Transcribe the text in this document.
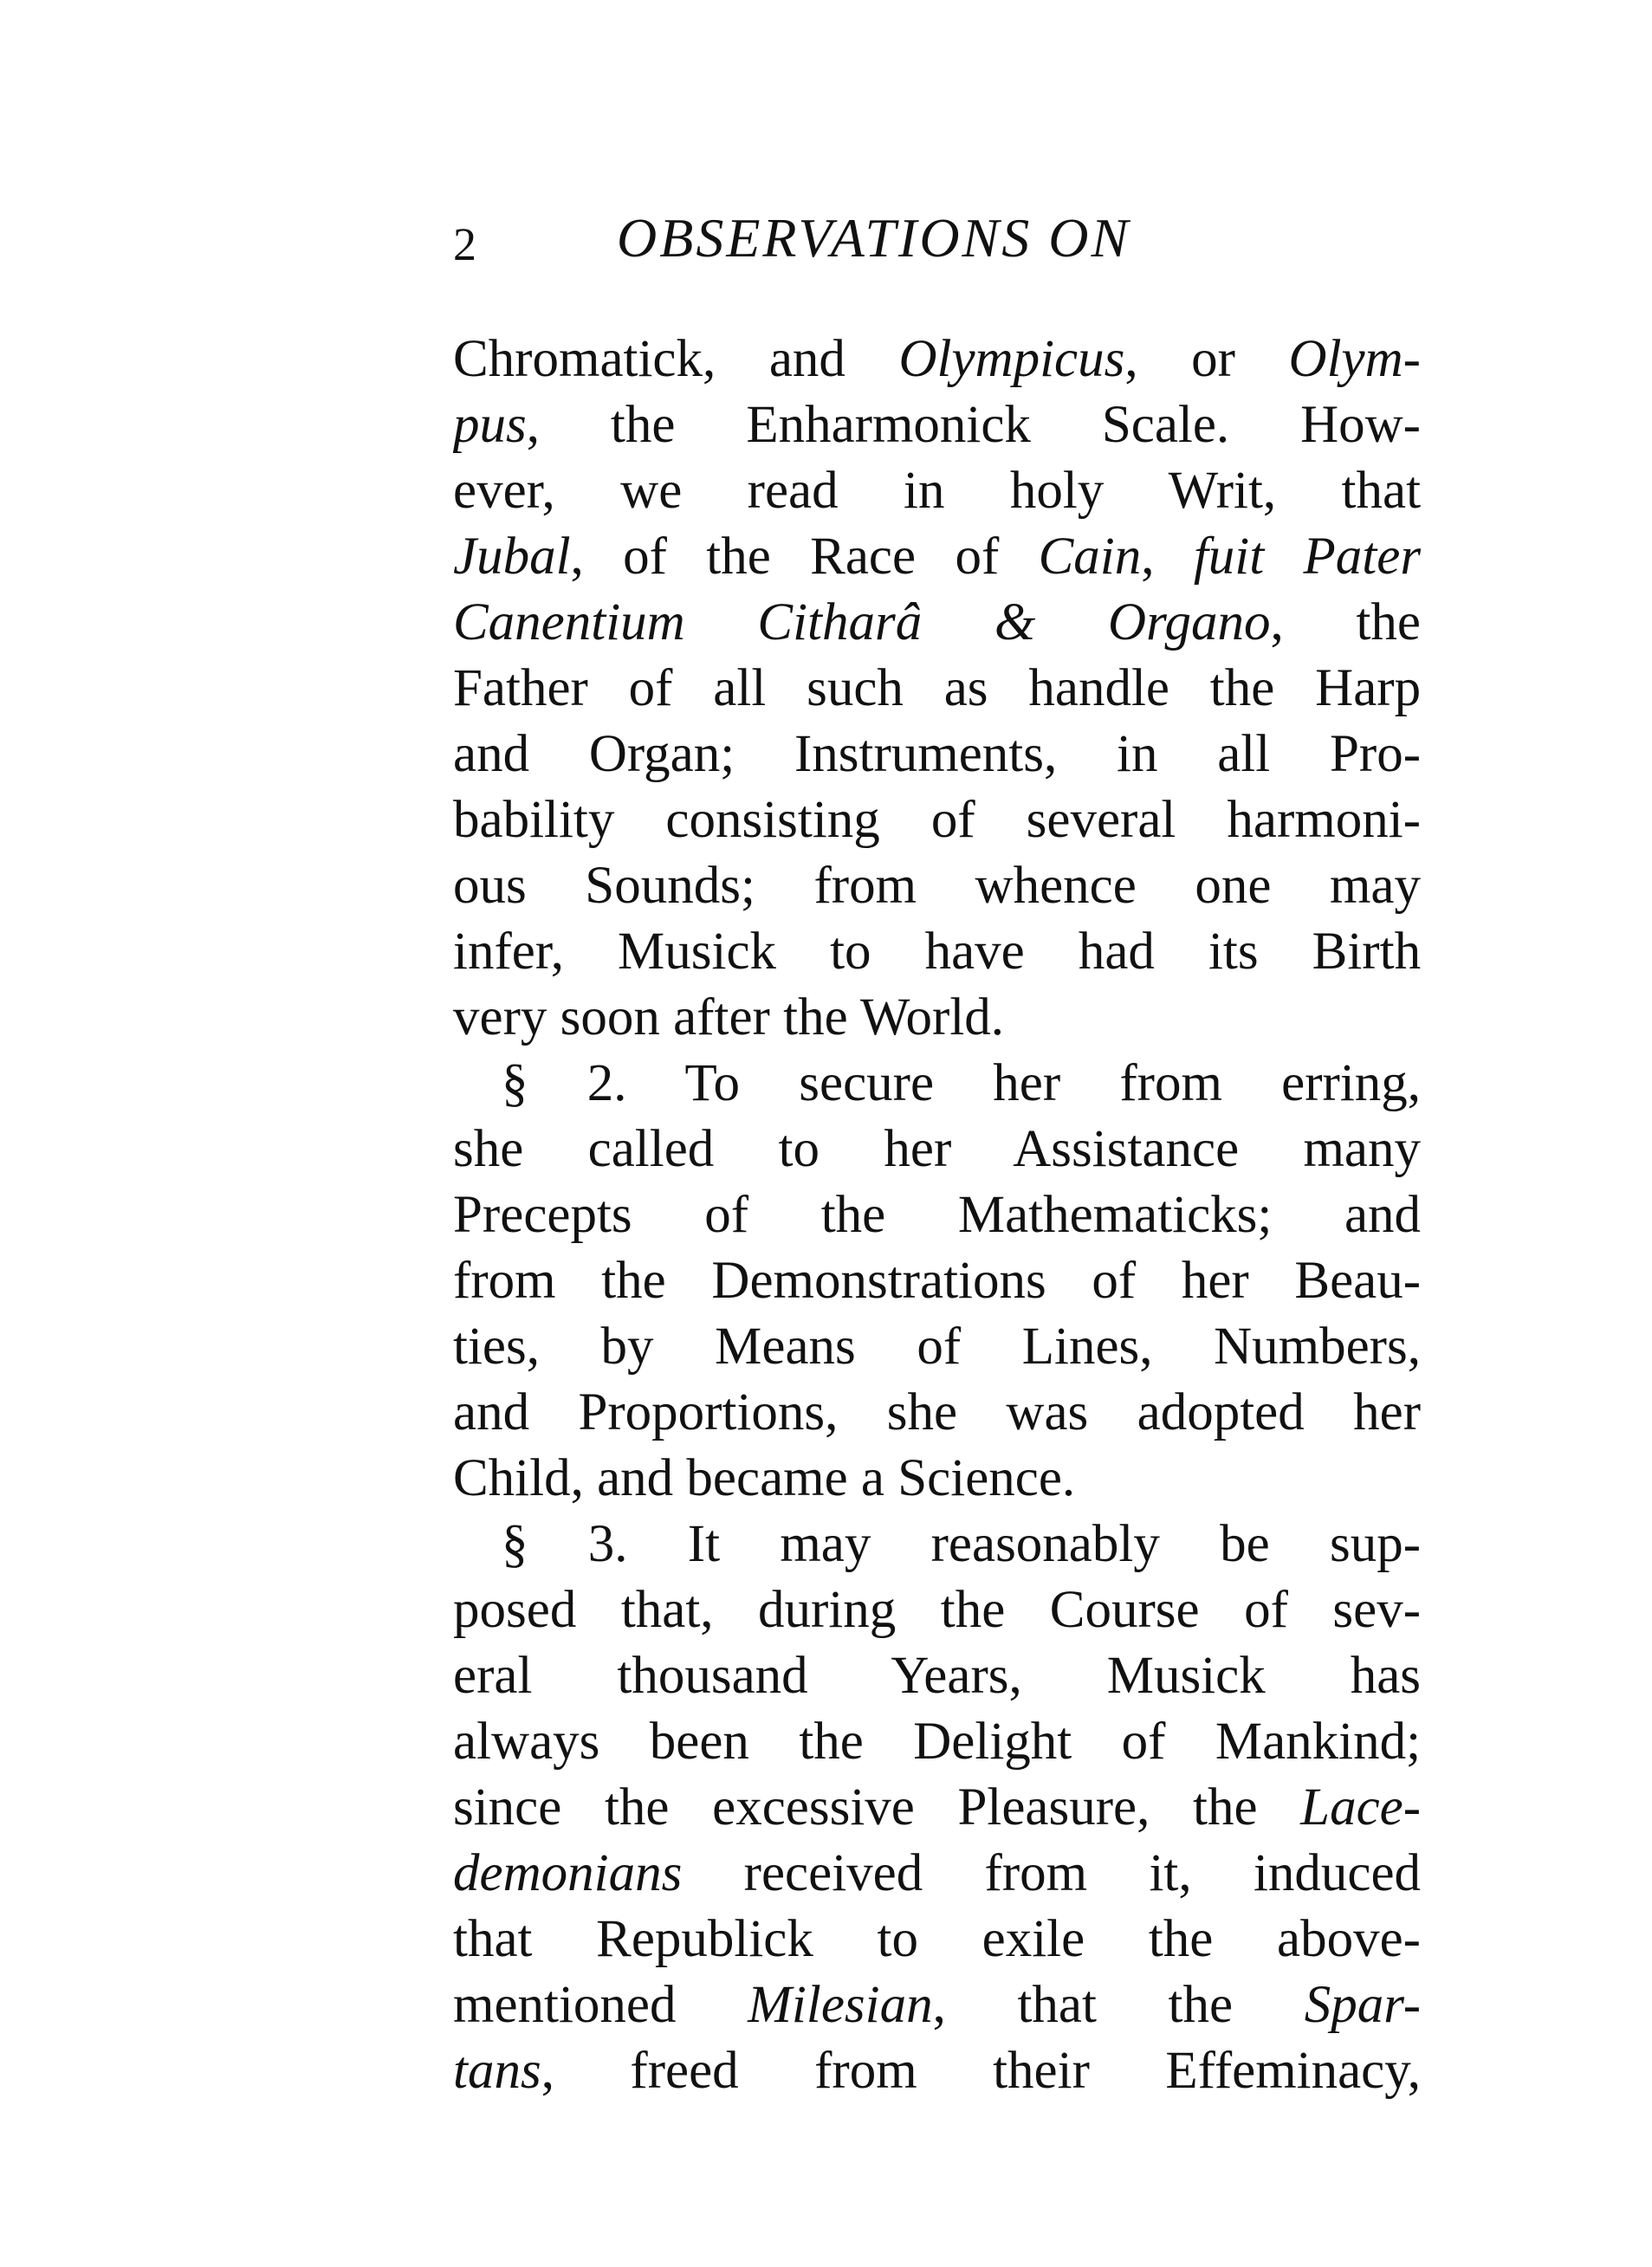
2	OBSERVATIONS ON
Chromatick, and Olympicus, or Olym-
pus, the Enharmonick Scale. How-
ever, we read in holy Writ, that
Jubal, of the Race of Cain, fuit Pater
Canentium Citharâ & Organo, the
Father of all such as handle the Harp
and Organ; Instruments, in all Pro-
bability consisting of several harmoni-
ous Sounds; from whence one may
infer, Musick to have had its Birth
very soon after the World.
§ 2. To secure her from erring,
she called to her Assistance many
Precepts of the Mathematicks; and
from the Demonstrations of her Beau-
ties, by Means of Lines, Numbers,
and Proportions, she was adopted her
Child, and became a Science.
§ 3. It may reasonably be sup-
posed that, during the Course of sev-
eral thousand Years, Musick has
always been the Delight of Mankind;
since the excessive Pleasure, the Lace-
demonians received from it, induced
that Republick to exile the above-
mentioned Milesian, that the Spar-
tans, freed from their Effeminacy,
